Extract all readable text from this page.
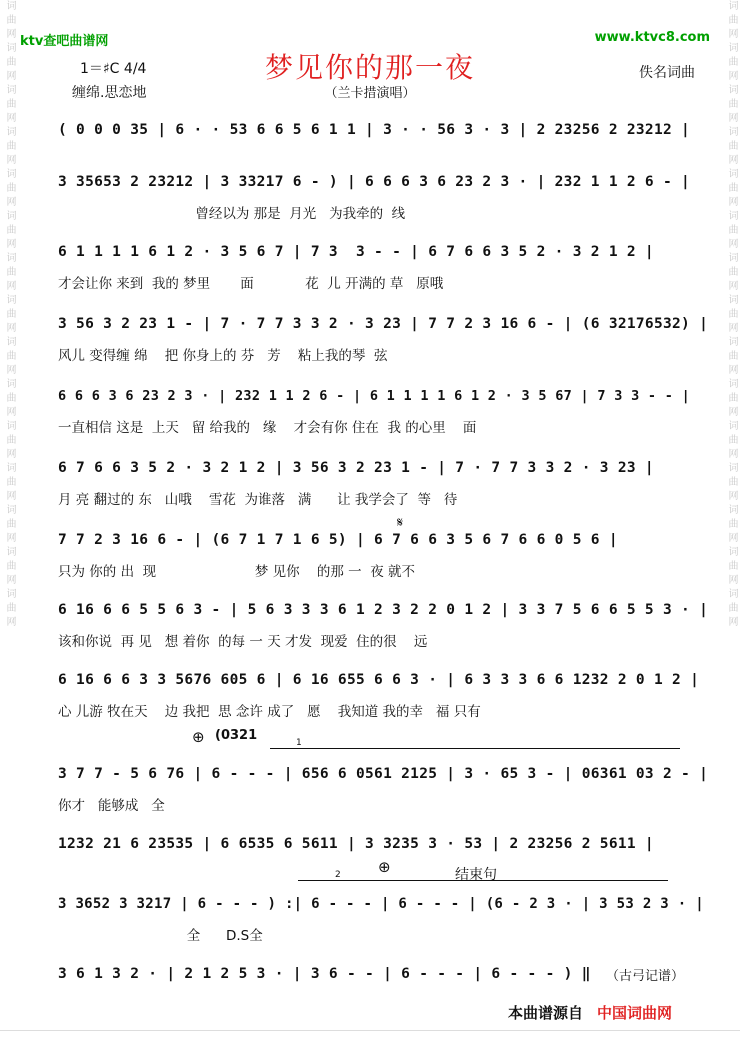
词曲网词曲网词曲网词曲网词曲网词曲网词曲网词曲网词曲网词曲网词曲网词曲网词曲网词曲网词曲网	词曲网词曲网词曲网词曲网词曲网词曲网词曲网词曲网词曲网词曲网词曲网词曲网词曲网词曲网词曲网
ktv查吧曲谱网	www.ktvc8.com
梦见你的那一夜
（兰卡措演唱）
1＝♯C 4/4
缠绵.思恋地
佚名词曲
( 0 0 0 35 | 6 · · 53 6 6 5 6 1 1 | 3 · · 56 3 · 3 | 2 23256 2 23212 |
3 35653 2 23212 | 3 33217 6 - ) | 6 6 6 3 6 23 2 3 · | 232 1 1 2 6 - |
曾经以为 那是  月光   为我牵的  线
6 1 1 1 1 6 1 2 · 3 5 6 7 | 7 3  3 - - | 6 7 6 6 3 5 2 · 3 2 1 2 |
才会让你 来到  我的 梦里       面            花  儿 开满的 草   原哦
3 56 3 2 23 1 - | 7 · 7 7 3 3 2 · 3 23 | 7 7 2 3 16 6 - | (6 32176532) |
风儿 变得缠 绵    把 你身上的 芬   芳    粘上我的琴  弦
6 6 6 3 6 23 2 3 · | 232 1 1 2 6 - | 6 1 1 1 1 6 1 2 · 3 5 67 | 7 3 3 - - |
一直相信 这是  上天   留 给我的   缘    才会有你 住在  我 的心里    面
6 7 6 6 3 5 2 · 3 2 1 2 | 3 56 3 2 23 1 - | 7 · 7 7 3 3 2 · 3 23 |
月 亮 翻过的 东   山哦    雪花  为谁落   满      让 我学会了  等   待
7 7 2 3 16 6 - | (6 7 1 7 1 6 5) | 6 7 6 6 3 5 6 7 6 6 0 5 6 |
只为 你的 出  现                       梦 见你    的那 一  夜 就不
6 16 6 6 5 5 6 3 - | 5 6 3 3 3 6 1 2 3 2 2 0 1 2 | 3 3 7 5 6 6 5 5 3 · |
该和你说  再 见   想 着你  的每 一 天 才发  现爱  住的很    远
6 16 6 6 3 3 5676 605 6 | 6 16 655 6 6 3 · | 6 3 3 3 6 6 1232 2 0 1 2 |
心 儿游 牧在天    边 我把  思 念许 成了   愿    我知道 我的幸   福 只有
3 7 7 - 5 6 76 | 6 - - - | 656 6 0561 2125 | 3 · 65 3 - | 06361 03 2 - |
你才   能够成   全
1232 21 6 23535 | 6 6535 6 5611 | 3 3235 3 · 53 | 2 23256 2 5611 |
3 3652 3 3217 | 6 - - - ) :| 6 - - - | 6 - - - | (6 - 2 3 · | 3 53 2 3 · |
全      D.S全
3 6 1 3 2 · | 2 1 2 5 3 · | 3 6 - - | 6 - - - | 6 - - - ) ‖
(0321
⊕	1
𝄋
2 ⊕	结束句
（古弓记谱）
本曲谱源自 中国词曲网
